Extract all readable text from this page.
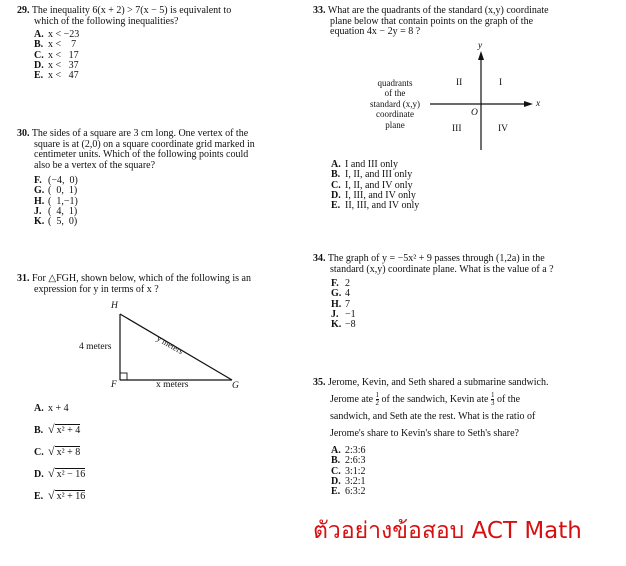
29. The inequality 6(x + 2) > 7(x − 5) is equivalent to
which of the following inequalities?
A. x < −23
B. x <    7
C. x <   17
D. x <   37
E. x <   47
30. The sides of a square are 3 cm long. One vertex of the
square is at (2,0) on a square coordinate grid marked in
centimeter units. Which of the following points could
also be a vertex of the square?
F. (−4,  0)
G. (  0,  1)
H. (  1,−1)
J. (  4,  1)
K. (  5,  0)
31. For △FGH, shown below, which of the following is an
expression for y in terms of x ?
H
F	G
4 meters
x meters
y meters
A. x + 4
B. √ x² + 4
C. √ x² + 8
D. √ x² − 16
E. √ x² + 16
33. What are the quadrants of the standard (x,y) coordinate
plane below that contain points on the graph of the
equation 4x − 2y = 8 ?
quadrants
of the
standard (x,y)
coordinate
plane
y
x
I
II
III	IV
O
A. I and III only
B. I, II, and III only
C. I, II, and IV only
D. I, III, and IV only
E. II, III, and IV only
34. The graph of y = −5x² + 9 passes through (1,2a) in the
standard (x,y) coordinate plane. What is the value of a ?
F. 2
G. 4
H. 7
J. −1
K. −8
35. Jerome, Kevin, and Seth shared a submarine sandwich.
Jerome ate $\frac{1}{2}$ of the sandwich, Kevin ate $\frac{1}{3}$ of the
sandwich, and Seth ate the rest. What is the ratio of
Jerome's share to Kevin's share to Seth's share?
A. 2:3:6
B. 2:6:3
C. 3:1:2
D. 3:2:1
E. 6:3:2
ตัวอย่างข้อสอบ ACT Math
